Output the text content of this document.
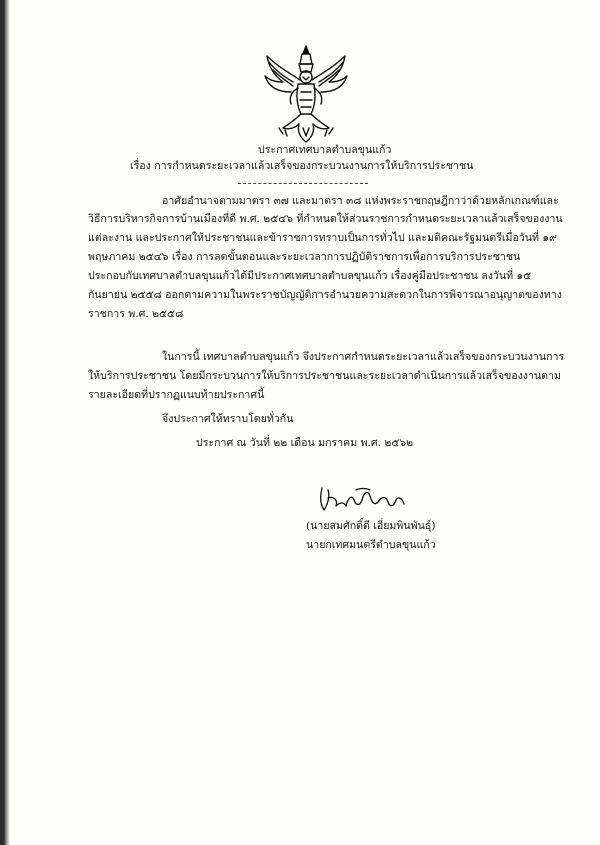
ประกาศเทศบาลตำบลขุนแก้ว
เรื่อง การกำหนดระยะเวลาแล้วเสร็จของกระบวนงานการให้บริการประชาชน
อาศัยอำนาจตามมาตรา ๓๗ และมาตรา ๓๘ แห่งพระราชกฤษฎีกาว่าด้วยหลักเกณฑ์และ
วิธีการบริหารกิจการบ้านเมืองที่ดี พ.ศ. ๒๕๔๖ ที่กำหนดให้ส่วนราชการกำหนดระยะเวลาแล้วเสร็จของงาน
แต่ละงาน และประกาศให้ประชาชนและข้าราชการทราบเป็นการทั่วไป และมติคณะรัฐมนตรีเมื่อวันที่ ๑๙
พฤษภาคม ๒๕๔๖ เรื่อง การลดขั้นตอนและระยะเวลาการปฏิบัติราชการเพื่อการบริการประชาชน
ประกอบกับเทศบาลตำบลขุนแก้วได้มีประกาศเทศบาลตำบลขุนแก้ว เรื่องคู่มือประชาชน ลงวันที่ ๑๕
กันยายน ๒๕๕๘ ออกตามความในพระราชบัญญัติการอำนวยความสะดวกในการพิจารณาอนุญาตของทาง
ราชการ พ.ศ. ๒๕๕๘
ในการนี้ เทศบาลตำบลขุนแก้ว จึงประกาศกำหนดระยะเวลาแล้วเสร็จของกระบวนงานการ
ให้บริการประชาชน โดยมีกระบวนการให้บริการประชาชนและระยะเวลาดำเนินการแล้วเสร็จของงานตาม
รายละเอียดที่ปรากฏแนบท้ายประกาศนี้
จึงประกาศให้ทราบโดยทั่วกัน
ประกาศ ณ วันที่ ๒๒ เดือน มกราคม พ.ศ. ๒๕๖๒
(นายสมศักดิ์ดี เอี่ยมพินพันธุ์)
นายกเทศมนตรีตำบลขุนแก้ว
